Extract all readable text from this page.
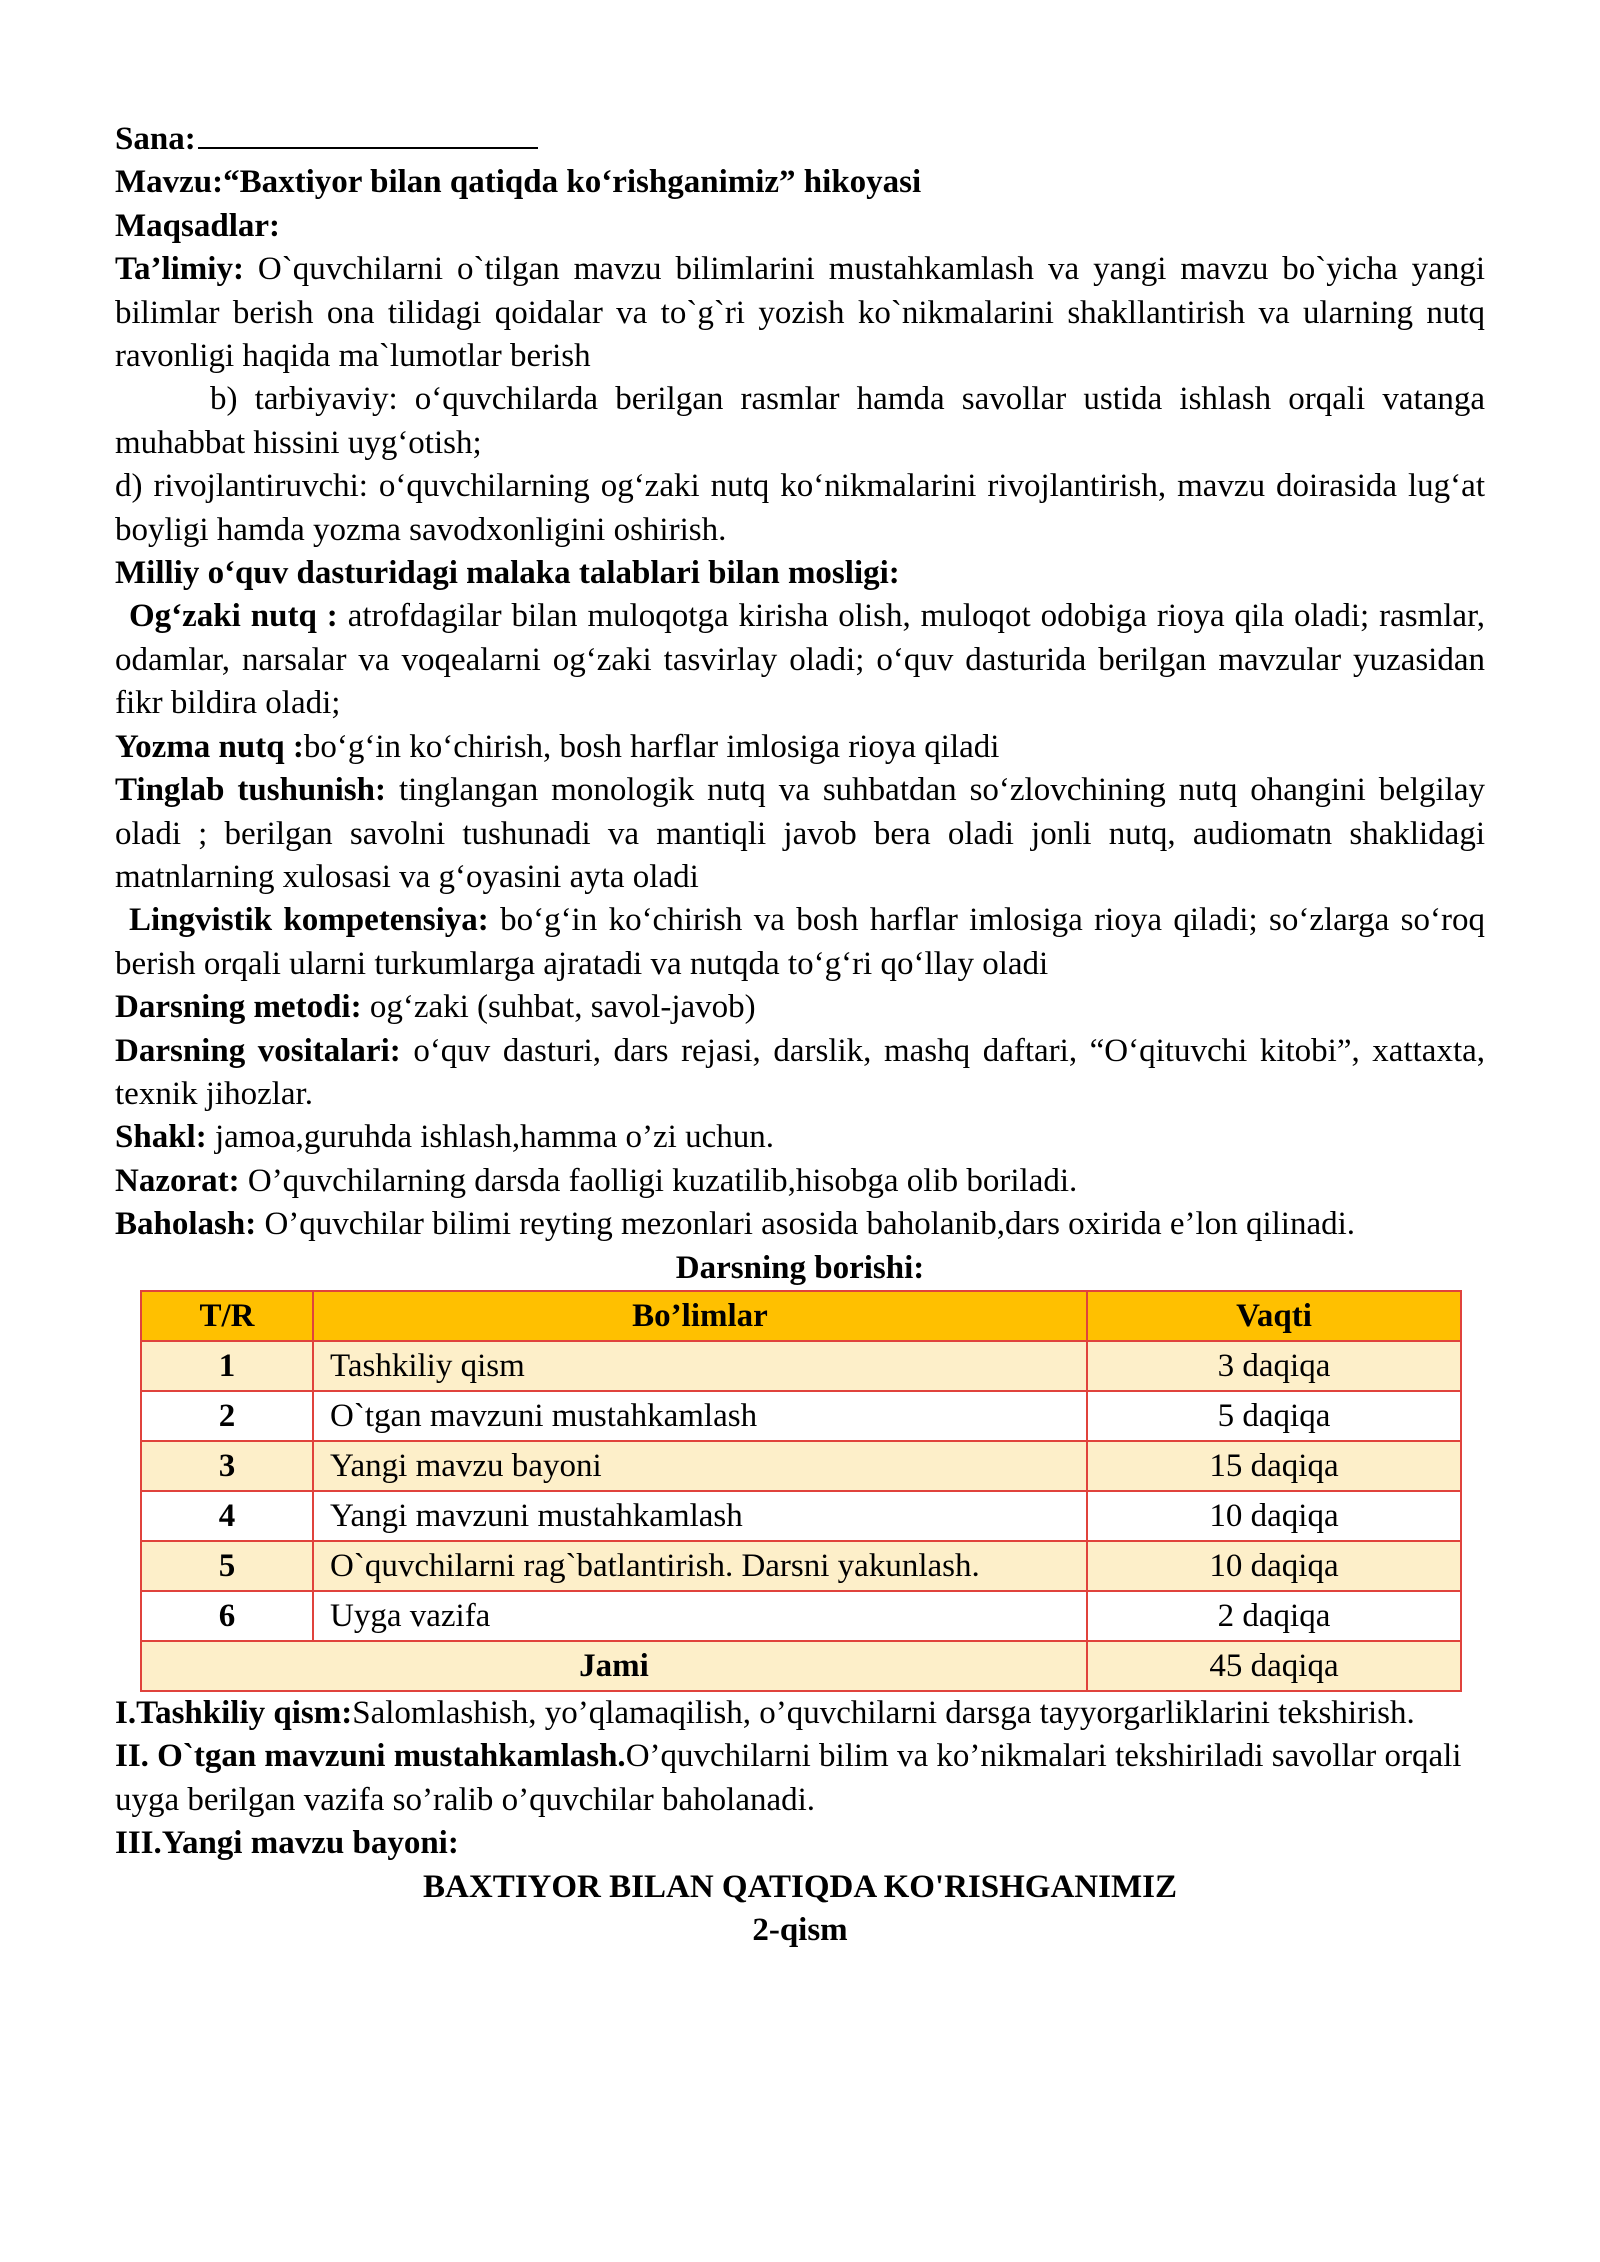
Sana:

Mavzu:“Baxtiyor bilan qatiqda ko‘rishganimiz” hikoyasi

Maqsadlar:

Ta’limiy: O`quvchilarni o`tilgan mavzu bilimlarini mustahkamlash va yangi mavzu bo`yicha yangi bilimlar berish ona tilidagi qoidalar va to`g`ri yozish ko`nikmalarini shakllantirish va ularning nutq ravonligi haqida ma`lumotlar berish

b) tarbiyaviy: o‘quvchilarda berilgan rasmlar hamda savollar ustida ishlash orqali vatanga muhabbat hissini uyg‘otish;

d) rivojlantiruvchi: o‘quvchilarning og‘zaki nutq ko‘nikmalarini rivojlantirish, mavzu doirasida lug‘at boyligi hamda yozma savodxonligini oshirish.

Milliy o‘quv dasturidagi malaka talablari bilan mosligi:

Og‘zaki nutq : atrofdagilar bilan muloqotga kirisha olish, muloqot odobiga rioya qila oladi; rasmlar, odamlar, narsalar va voqealarni og‘zaki tasvirlay oladi; o‘quv dasturida berilgan mavzular yuzasidan fikr bildira oladi;

Yozma nutq :bo‘g‘in ko‘chirish, bosh harflar imlosiga rioya qiladi

Tinglab tushunish: tinglangan monologik nutq va suhbatdan so‘zlovchining nutq ohangini belgilay oladi ; berilgan savolni tushunadi va mantiqli javob bera oladi jonli nutq, audiomatn shaklidagi matnlarning xulosasi va g‘oyasini ayta oladi

Lingvistik kompetensiya: bo‘g‘in ko‘chirish va bosh harflar imlosiga rioya qiladi; so‘zlarga so‘roq berish orqali ularni turkumlarga ajratadi va nutqda to‘g‘ri qo‘llay oladi

Darsning metodi: og‘zaki (suhbat, savol-javob)

Darsning vositalari: o‘quv dasturi, dars rejasi, darslik, mashq daftari, “O‘qituvchi kitobi”, xattaxta, texnik jihozlar.

Shakl: jamoa,guruhda ishlash,hamma o’zi uchun.

Nazorat: O’quvchilarning darsda faolligi kuzatilib,hisobga olib boriladi.

Baholash: O’quvchilar bilimi reyting mezonlari asosida baholanib,dars oxirida e’lon qilinadi.

Darsning borishi:

T/R	Bo’limlar	Vaqti
1	Tashkiliy qism	3 daqiqa
2	O`tgan mavzuni mustahkamlash	5 daqiqa
3	Yangi mavzu bayoni	15 daqiqa
4	Yangi mavzuni mustahkamlash	10 daqiqa
5	O`quvchilarni rag`batlantirish. Darsni yakunlash.	10 daqiqa
6	Uyga vazifa	2 daqiqa
Jami		45 daqiqa

I.Tashkiliy qism:Salomlashish, yo’qlamaqilish, o’quvchilarni darsga tayyorgarliklarini tekshirish.

II. O`tgan mavzuni mustahkamlash.O’quvchilarni bilim va ko’nikmalari tekshiriladi savollar orqali uyga berilgan vazifa so’ralib o’quvchilar baholanadi.

III.Yangi mavzu bayoni:

BAXTIYOR BILAN QATIQDA KO'RISHGANIMIZ

2-qism
